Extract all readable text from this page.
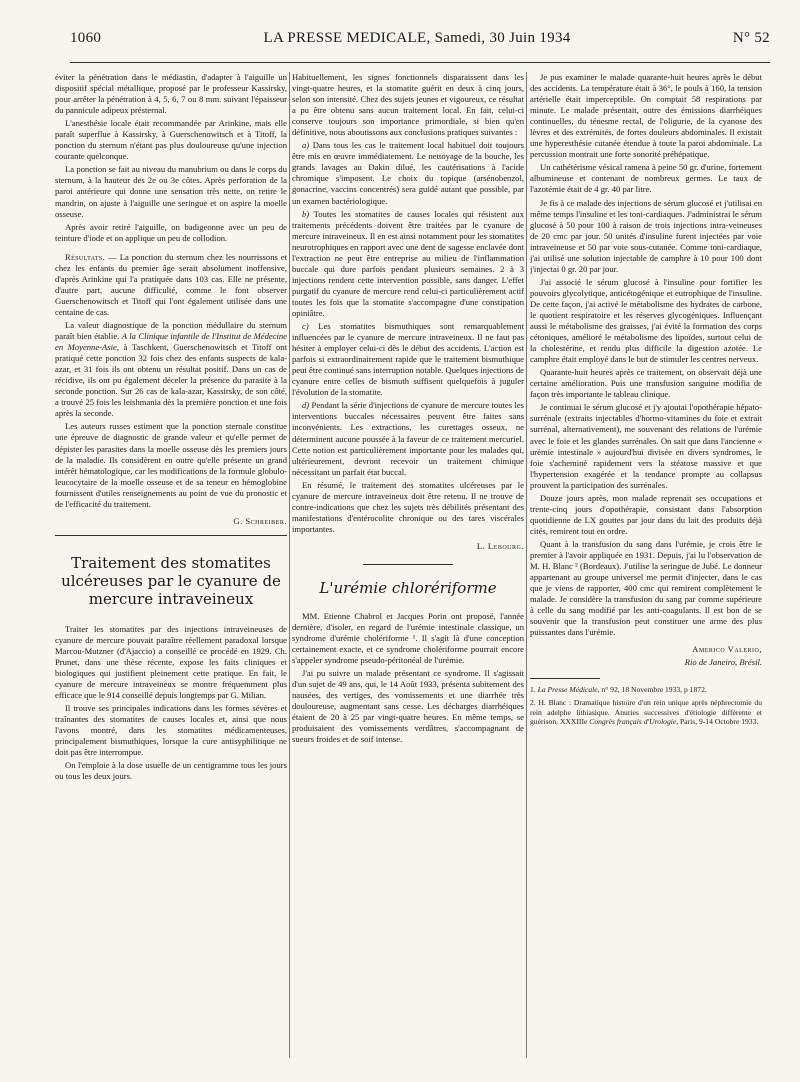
1060	LA PRESSE MEDICALE, Samedi, 30 Juin 1934	N° 52

éviter la pénétration dans le médiastin, d'adapter à l'aiguille un dispositif spécial métallique, proposé par le professeur Kassirsky, pour arrêter la pénétration à 4, 5, 6, 7 ou 8 mm. suivant l'épaisseur du pannicule adipeux présternal.

L'anesthésie locale était recommandée par Arinkine, mais elle paraît superflue à Kassirsky, à Guerschenowitsch et à Titoff, la ponction du sternum n'étant pas plus douloureuse qu'une injection courante quelconque.

La ponction se fait au niveau du manubrium ou dans le corps du sternum, à la hauteur des 2e ou 3e côtes. Après perforation de la paroi antérieure qui donne une sensation très nette, on retire le mandrin, on ajuste à l'aiguille une seringue et on aspire la moelle osseuse.

Après avoir retiré l'aiguille, on badigeonne avec un peu de teinture d'iode et on applique un peu de collodion.

Résultats. — La ponction du sternum chez les nourrissons et chez les enfants du premier âge serait absolument inoffensive, d'après Arinkine qui l'a pratiquée dans 103 cas. Elle ne présente, d'autre part, aucune difficulté, comme le font observer Guerschenowitsch et Titoff qui l'ont également utilisée dans une centaine de cas.

La valeur diagnostique de la ponction médullaire du sternum paraît bien établie. A la Clinique infantile de l'Institut de Médecine en Moyenne-Asie, à Taschkent, Guerschenowitsch et Titoff ont pratiqué cette ponction 32 fois chez des enfants suspects de kala-azar, et 31 fois ils ont obtenu un résultat positif. Dans un cas de récidive, ils ont pu également déceler la présence du parasite à la seconde ponction. Sur 26 cas de kala-azar, Kassirsky, de son côté, a trouvé 25 fois les leishmania dès la première ponction et une fois après la seconde.

Les auteurs russes estiment que la ponction sternale constitue une épreuve de diagnostic de grande valeur et qu'elle permet de dépister les parasites dans la moelle osseuse dès les premiers jours de la maladie. Ils considèrent en outre qu'elle présente un grand intérêt hématologique, car les modifications de la formule globulo-leucocytaire de la moelle osseuse et de sa teneur en hémoglobine fournissent d'utiles renseignements au point de vue du pronostic et de l'efficacité du traitement.

G. Schreiber.

Traitement des stomatites ulcéreuses par le cyanure de mercure intraveineux

Traiter les stomatites par des injections intraveineuses de cyanure de mercure pouvait paraître réellement paradoxal lorsque Marcou-Mutzner (d'Ajaccio) a conseillé ce procédé en 1929. Ch. Prunet, dans une thèse récente, expose les faits cliniques et biologiques qui justifient pleinement cette pratique. En fait, le cyanure de mercure intraveineux se montre fréquemment plus efficace que le 914 conseillé depuis longtemps par G. Milian.

Il trouve ses principales indications dans les formes sévères et traînantes des stomatites de causes locales et, ainsi que nous l'avons montré, dans les stomatites médicamenteuses, principalement bismuthiques, lorsque la cure antisyphilitique ne doit pas être interrompue.

On l'emploie à la dose usuelle de un centigramme tous les jours ou tous les deux jours.

Habituellement, les signes fonctionnels disparaissent dans les vingt-quatre heures, et la stomatite guérit en deux à cinq jours, selon son intensité. Chez des sujets jeunes et vigoureux, ce résultat a pu être obtenu sans aucun traitement local. En fait, celui-ci conserve toujours son importance primordiale, si bien qu'en définitive, nous aboutissons aux conclusions pratiques suivantes :

a) Dans tous les cas le traitement local habituel doit toujours être mis en œuvre immédiatement. Le nettoyage de la bouche, les grands lavages au Dakin dilué, les cautérisations à l'acide chromique s'imposent. Le choix du topique (arsénobenzol, gonacrine, vaccins concentrés) sera guidé autant que possible, par un examen bactériologique.

b) Toutes les stomatites de causes locales qui résistent aux traitements précédents doivent être traitées par le cyanure de mercure intraveineux. Il en est ainsi notamment pour les stomatites neurotrophiques en rapport avec une dent de sagesse enclavée dont l'extraction ne peut être entreprise au milieu de l'inflammation buccale qui dure parfois pendant plusieurs semaines. 2 à 3 injections rendent cette intervention possible, sans danger. L'effet purgatif du cyanure de mercure rend celui-ci particulièrement actif toutes les fois que la stomatite s'accompagne d'une constipation opiniâtre.

c) Les stomatites bismuthiques sont remarquablement influencées par le cyanure de mercure intraveineux. Il ne faut pas hésiter à employer celui-ci dès le début des accidents. L'action est parfois si extraordinairement rapide que le traitement bismuthique peut être continué sans interruption notable. Quelques injections de cyanure entre celles de bismuth suffisent quelquefois à juguler l'évolution de la stomatite.

d) Pendant la série d'injections de cyanure de mercure toutes les interventions buccales nécessaires peuvent être faites sans inconvénients. Les extractions, les curettages osseux, ne déterminent aucune poussée à la faveur de ce traitement mercuriel. Cette notion est particulièrement importante pour les malades qui, ultérieurement, devront recevoir un traitement chimique nécessitant un parfait état buccal.

En résumé, le traitement des stomatites ulcéreuses par le cyanure de mercure intraveineux doit être retenu. Il ne trouve de contre-indications que chez les sujets très débilités présentant des manifestations d'entérocolite chronique ou des tares viscérales importantes.

L. Lebourg.

L'urémie chlorériforme

MM. Etienne Chabrol et Jacques Porin ont proposé, l'année dernière, d'isoler, en regard de l'urémie intestinale classique, un syndrome d'urémie cholériforme ¹. Il s'agit là d'une conception certainement exacte, et ce syndrome cholériforme pourrait encore s'appeler syndrome pseudo-péritonéal de l'urémie.

J'ai pu suivre un malade présentant ce syndrome. Il s'agissait d'un sujet de 49 ans, qui, le 14 Août 1933, présenta subitement des nausées, des vertiges, des vomissements et une diarrhée très douloureuse, augmentant sans cesse. Les décharges diarrhéiques étaient de 20 à 25 par vingt-quatre heures. En même temps, se produisaient des vomissements verdâtres, s'accompagnant de sueurs froides et de soif intense.

Je pus examiner le malade quarante-huit heures après le début des accidents. La température était à 36°, le pouls à 160, la tension artérielle était imperceptible. On comptait 58 respirations par minute. Le malade présentait, outre des émissions diarrhéiques continuelles, du ténesme rectal, de l'oligurie, de la cyanose des lèvres et des extrémités, de fortes douleurs abdominales. Il existait une hyperesthésie cutanée étendue à toute la paroi abdominale. La percussion montrait une forte sonorité préhépatique.

Un cathétérisme vésical ramena à peine 50 gr. d'urine, fortement albumineuse et contenant de nombreux germes. Le taux de l'azotémie était de 4 gr. 40 par litre.

Je fis à ce malade des injections de sérum glucosé et j'utilisai en même temps l'insuline et les toni-cardiaques. J'administrai le sérum glucosé à 50 pour 100 à raison de trois injections intra-veineuses de 20 cmc par jour. 50 unités d'insuline furent injectées par voie intraveineuse et 50 par voie sous-cutanée. Comme toni-cardiaque, j'ai utilisé une solution injectable de camphre à 10 pour 100 dont j'injectai 0 gr. 20 par jour.

J'ai associé le sérum glucosé à l'insuline pour fortifier les pouvoirs glycolytique, anticétogénique et eutrophique de l'insuline. De cette façon, j'ai activé le métabolisme des hydrates de carbone, le quotient respiratoire et les réserves glycogéniques. Influençant aussi le métabolisme des graisses, j'ai évité la formation des corps cétoniques, amélioré le métabolisme des lipoïdes, surtout celui de la cholestérine, et rendu plus difficile la digestion azotée. Le camphre était employé dans le but de stimuler les centres nerveux.

Quarante-huit heures après ce traitement, on observait déjà une certaine amélioration. Puis une transfusion sanguine modifia de façon très importante le tableau clinique.

Je continuai le sérum glucosé et j'y ajoutai l'opothérapie hépato-surrénale (extraits injectables d'hormo-vitamines du foie et extrait surrénal, alternativement), me souvenant des relations de l'urémie avec le foie et les glandes surrénales. On sait que dans l'ancienne « urémie intestinale » aujourd'hui divisée en divers syndromes, le foie s'acheminé rapidement vers la stéatose massive et que l'hypertension exagérée et la tendance prompte au collapsus prouvent la participation des surrénales.

Douze jours après, mon malade reprenait ses occupations et trente-cinq jours d'opothérapie, consistant dans l'absorption quotidienne de LX gouttes par jour dans du lait des produits déjà cités, remirent tout en ordre.

Quant à la transfusion du sang dans l'urémie, je crois être le premier à l'avoir appliquée en 1931. Depuis, j'ai lu l'observation de M. H. Blanc ² (Bordeaux). J'utilise la seringue de Jubé. Le donneur appartenant au groupe universel me permit d'injecter, dans le cas que je viens de rapporter, 400 cmc qui remirent complètement le malade. Je considère la transfusion du sang par comme supérieure à celle du sang modifié par les anti-coagulants. Il est bon de se souvenir que la transfusion peut constituer une arme des plus puissantes dans l'urémie.

Americo Valerio,

Rio de Janeiro, Brésil.

1. La Presse Médicale, n° 92, 18 Novembre 1933, p 1872.

2. H. Blanc : Dramatique histoire d'un rein unique après néphrectomie du rein adelphe lithiasique. Anuries successives d'étiologie différente et guérison. XXXIIIe Congrès français d'Urologie, Paris, 9-14 Octobre 1933.
